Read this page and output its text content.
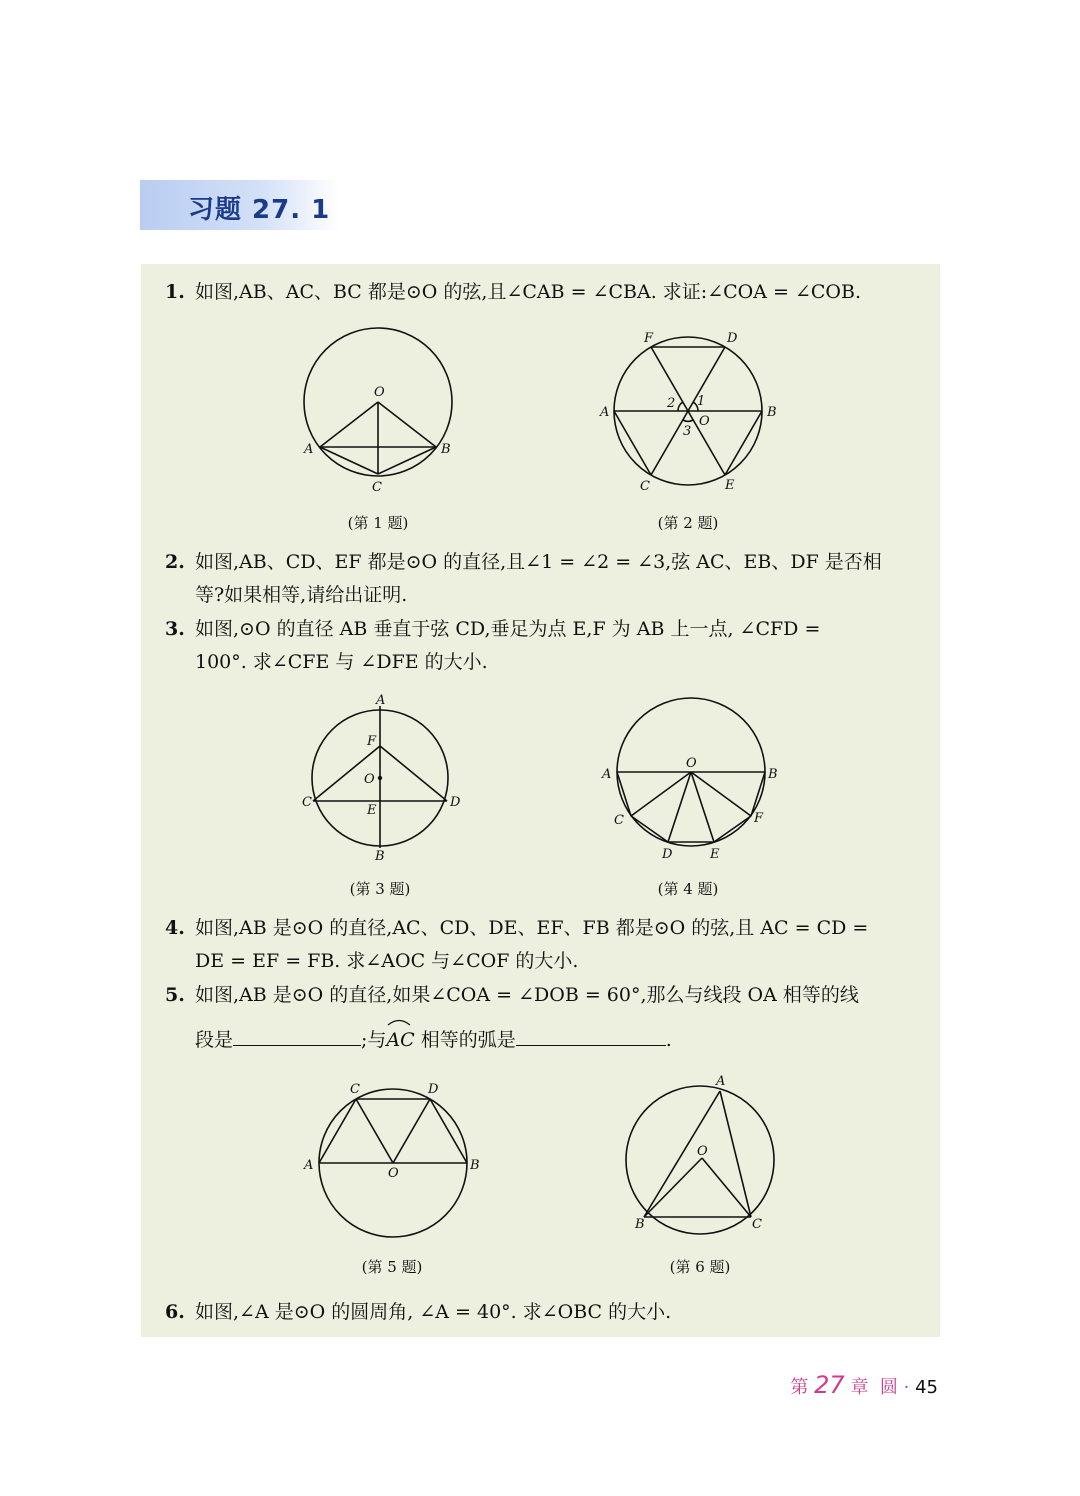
习题 27. 1
1. 如图,AB、AC、BC 都是⊙O 的弦,且∠CAB = ∠CBA. 求证:∠COA = ∠COB.
O
A	B
C
(第 1 题)
F	D
A	B
C	E
O
1
2
3
(第 2 题)
2. 如图,AB、CD、EF 都是⊙O 的直径,且∠1 = ∠2 = ∠3,弦 AC、EB、DF 是否相
等?如果相等,请给出证明.
3. 如图,⊙O 的直径 AB 垂直于弦 CD,垂足为点 E,F 为 AB 上一点, ∠CFD =
100°. 求∠CFE 与 ∠DFE 的大小.
A
F
O
C
E
D
B
(第 3 题)
O
A	B
C	F
D	E
(第 4 题)
4. 如图,AB 是⊙O 的直径,AC、CD、DE、EF、FB 都是⊙O 的弦,且 AC = CD =
DE = EF = FB. 求∠AOC 与∠COF 的大小.
5. 如图,AB 是⊙O 的直径,如果∠COA = ∠DOB = 60°,那么与线段 OA 相等的线
段是	;与
AC 相等的弧是	.
C	D
A
O
B
(第 5 题)
A
O
B	C
(第 6 题)
6. 如图,∠A 是⊙O 的圆周角, ∠A = 40°. 求∠OBC 的大小.
第 27 章 圆 · 45
